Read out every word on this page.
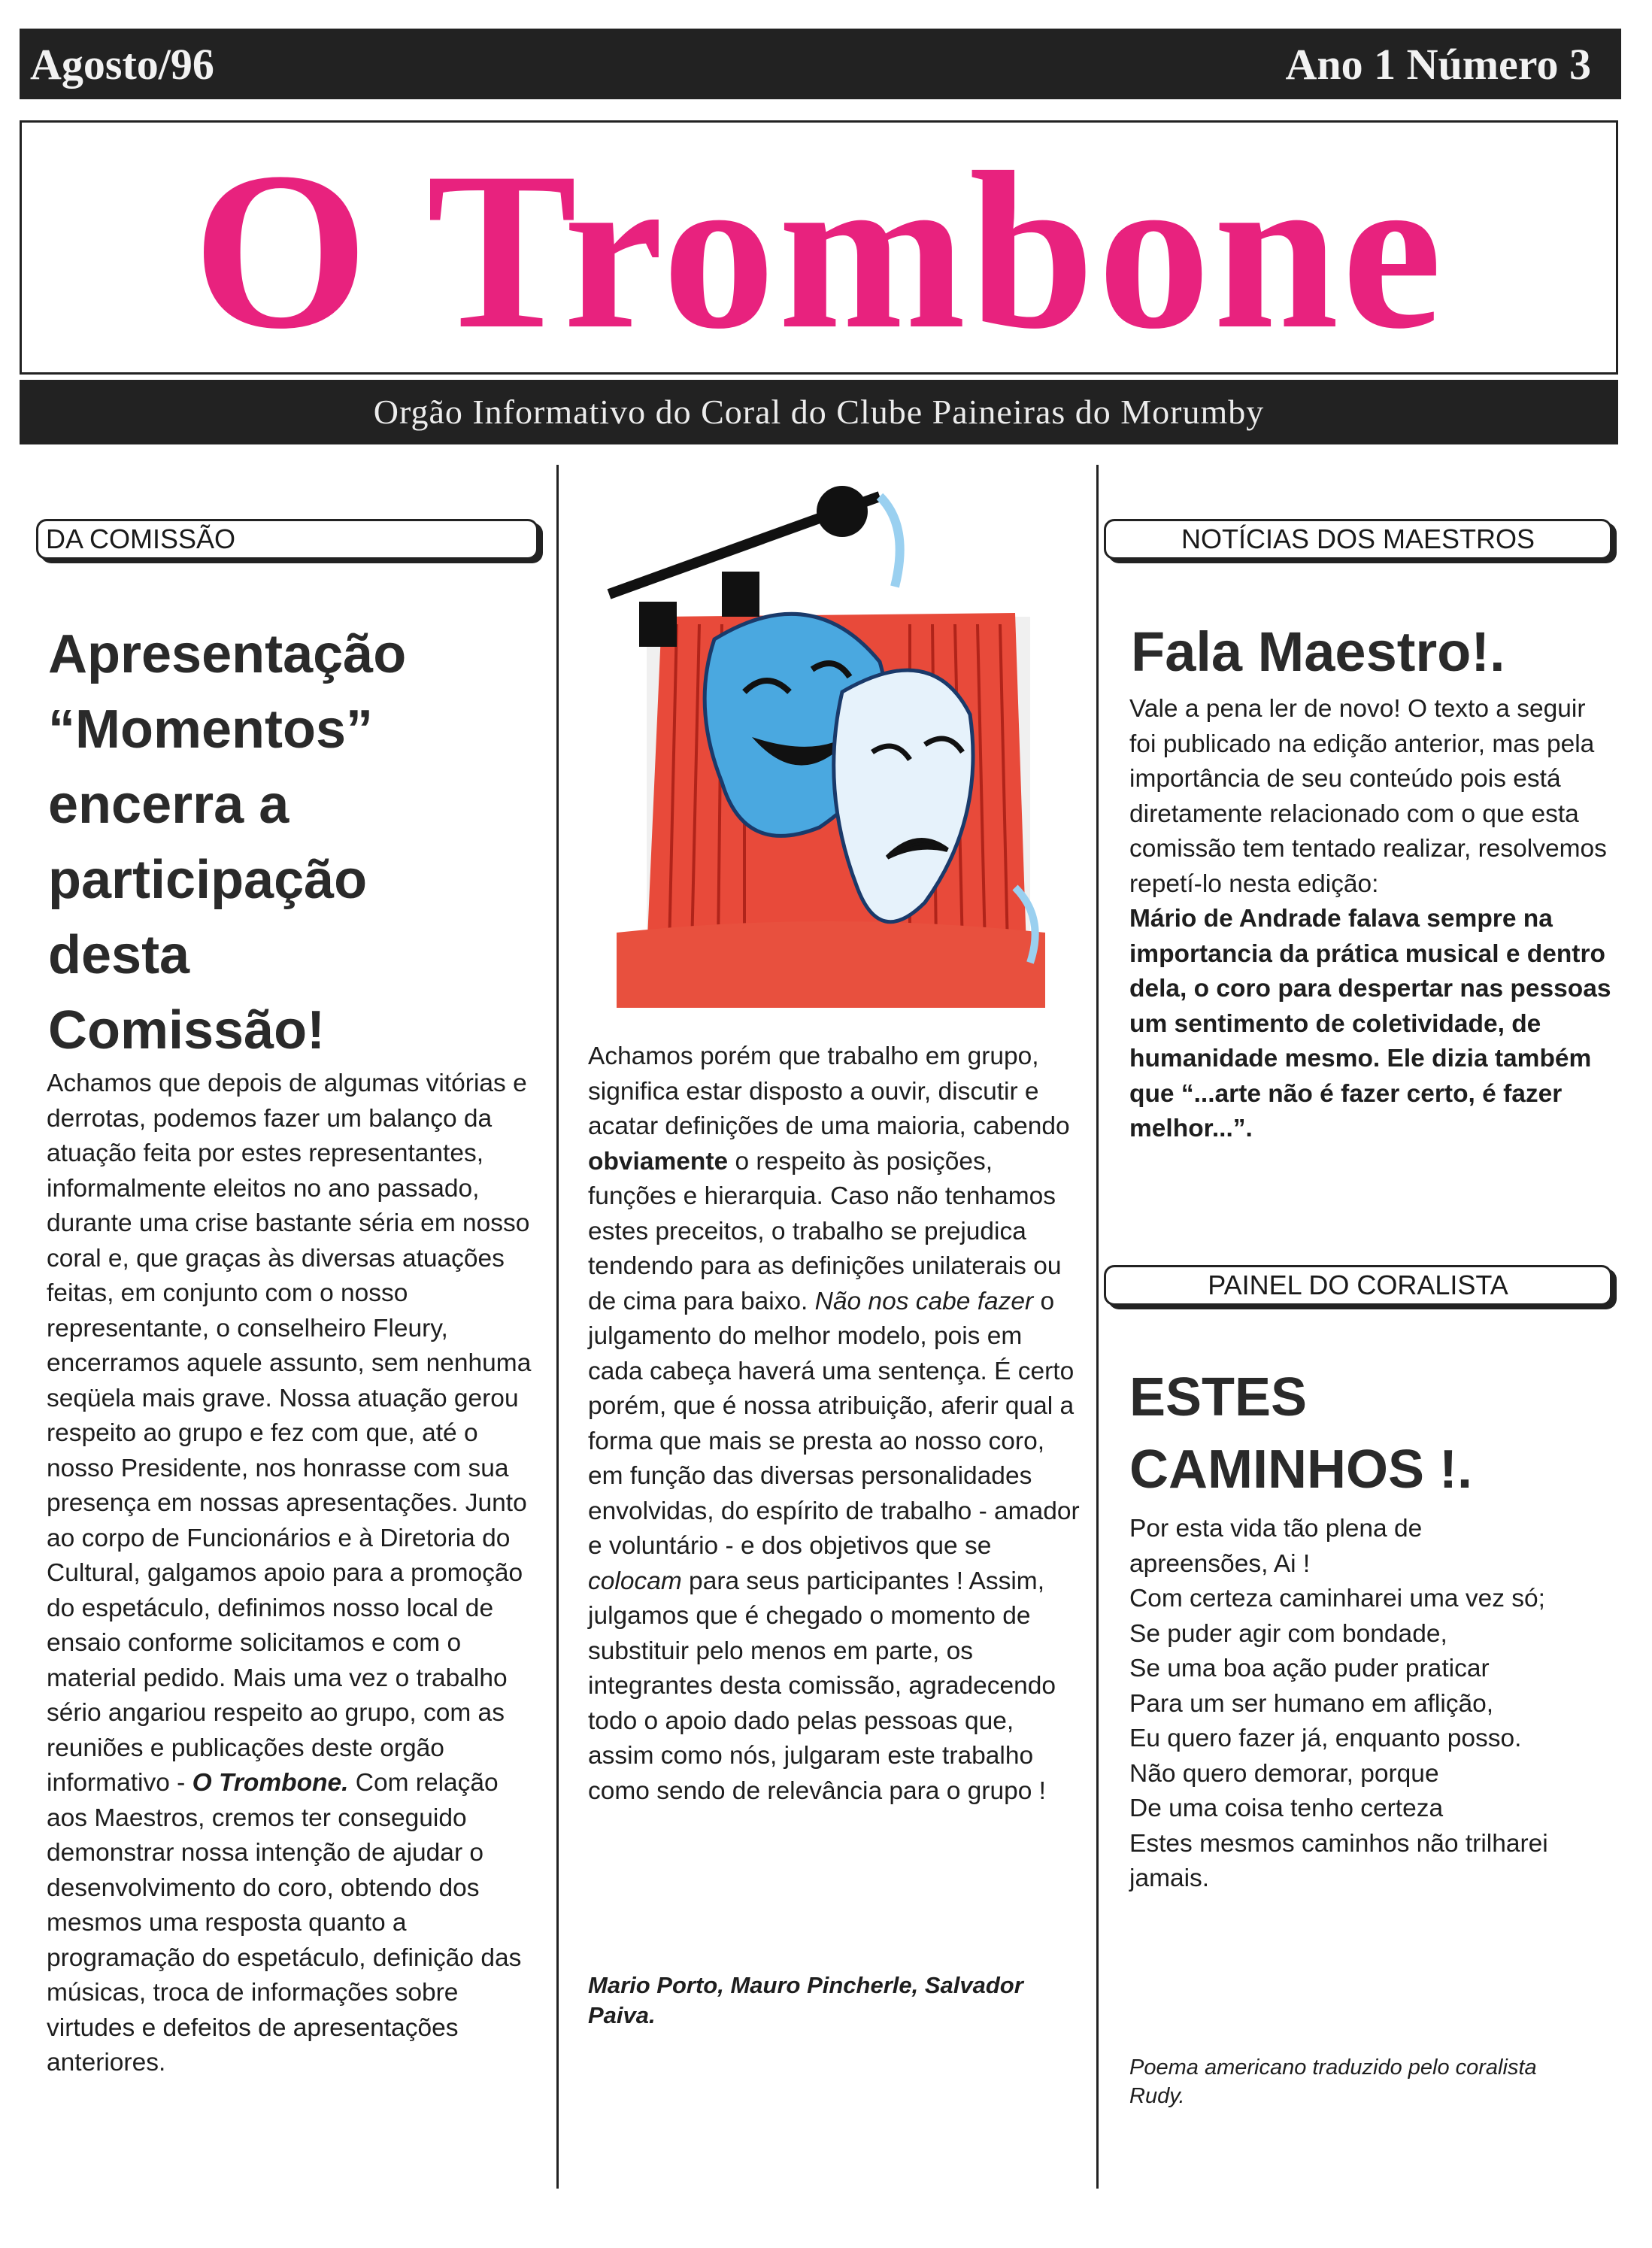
Agosto/96	Ano 1 Número 3
O Trombone
Orgão Informativo do Coral do Clube Paineiras do Morumby
DA COMISSÃO
Apresentação
“Momentos”
encerra a
participação
desta
Comissão!

Achamos que depois de algumas vitórias e derrotas, podemos fazer um balanço da atuação feita por estes representantes, informalmente eleitos no ano passado, durante uma crise bastante séria em nosso coral e, que graças às diversas atuações feitas, em conjunto com o nosso representante, o conselheiro Fleury, encerramos aquele assunto, sem nenhuma seqüela mais grave. Nossa atuação gerou respeito ao grupo e fez com que, até o nosso Presidente, nos honrasse com sua presença em nossas apresentações. Junto ao corpo de Funcionários e à Diretoria do Cultural, galgamos apoio para a promoção do espetáculo, definimos nosso local de ensaio conforme solicitamos e com o material pedido. Mais uma vez o trabalho sério angariou respeito ao grupo, com as reuniões e publicações deste orgão informativo - O Trombone. Com relação aos Maestros, cremos ter conseguido demonstrar nossa intenção de ajudar o desenvolvimento do coro, obtendo dos mesmos uma resposta quanto a programação do espetáculo, definição das músicas, troca de informações sobre virtudes e defeitos de apresentações anteriores.

Achamos porém que trabalho em grupo, significa estar disposto a ouvir, discutir e acatar definições de uma maioria, cabendo obviamente o respeito às posições, funções e hierarquia. Caso não tenhamos estes preceitos, o trabalho se prejudica tendendo para as definições unilaterais ou de cima para baixo. Não nos cabe fazer o julgamento do melhor modelo, pois em cada cabeça haverá uma sentença. É certo porém, que é nossa atribuição, aferir qual a forma que mais se presta ao nosso coro, em função das diversas personalidades envolvidas, do espírito de trabalho - amador e voluntário - e dos objetivos que se colocam para seus participantes ! Assim, julgamos que é chegado o momento de substituir pelo menos em parte, os integrantes desta comissão, agradecendo todo o apoio dado pelas pessoas que, assim como nós, julgaram este trabalho como sendo de relevância para o grupo !

Mario Porto, Mauro Pincherle, Salvador Paiva.
NOTÍCIAS DOS MAESTROS
Fala Maestro!.

Vale a pena ler de novo! O texto a seguir foi publicado na edição anterior, mas pela importância de seu conteúdo pois está diretamente relacionado com o que esta comissão tem tentado realizar, resolvemos repetí-lo nesta edição:

Mário de Andrade falava sempre na importancia da prática musical e dentro dela, o coro para despertar nas pessoas um sentimento de coletividade, de humanidade mesmo. Ele dizia também que “...arte não é fazer certo, é fazer melhor...”.

PAINEL DO CORALISTA
ESTES
CAMINHOS !.
Por esta vida tão plena de
apreensões, Ai !
Com certeza caminharei uma vez só;
Se puder agir com bondade,
Se uma boa ação puder praticar
Para um ser humano em aflição,
Eu quero fazer já, enquanto posso.
Não quero demorar, porque
De uma coisa tenho certeza
Estes mesmos caminhos não trilharei
jamais.
Poema americano traduzido pelo coralista Rudy.
